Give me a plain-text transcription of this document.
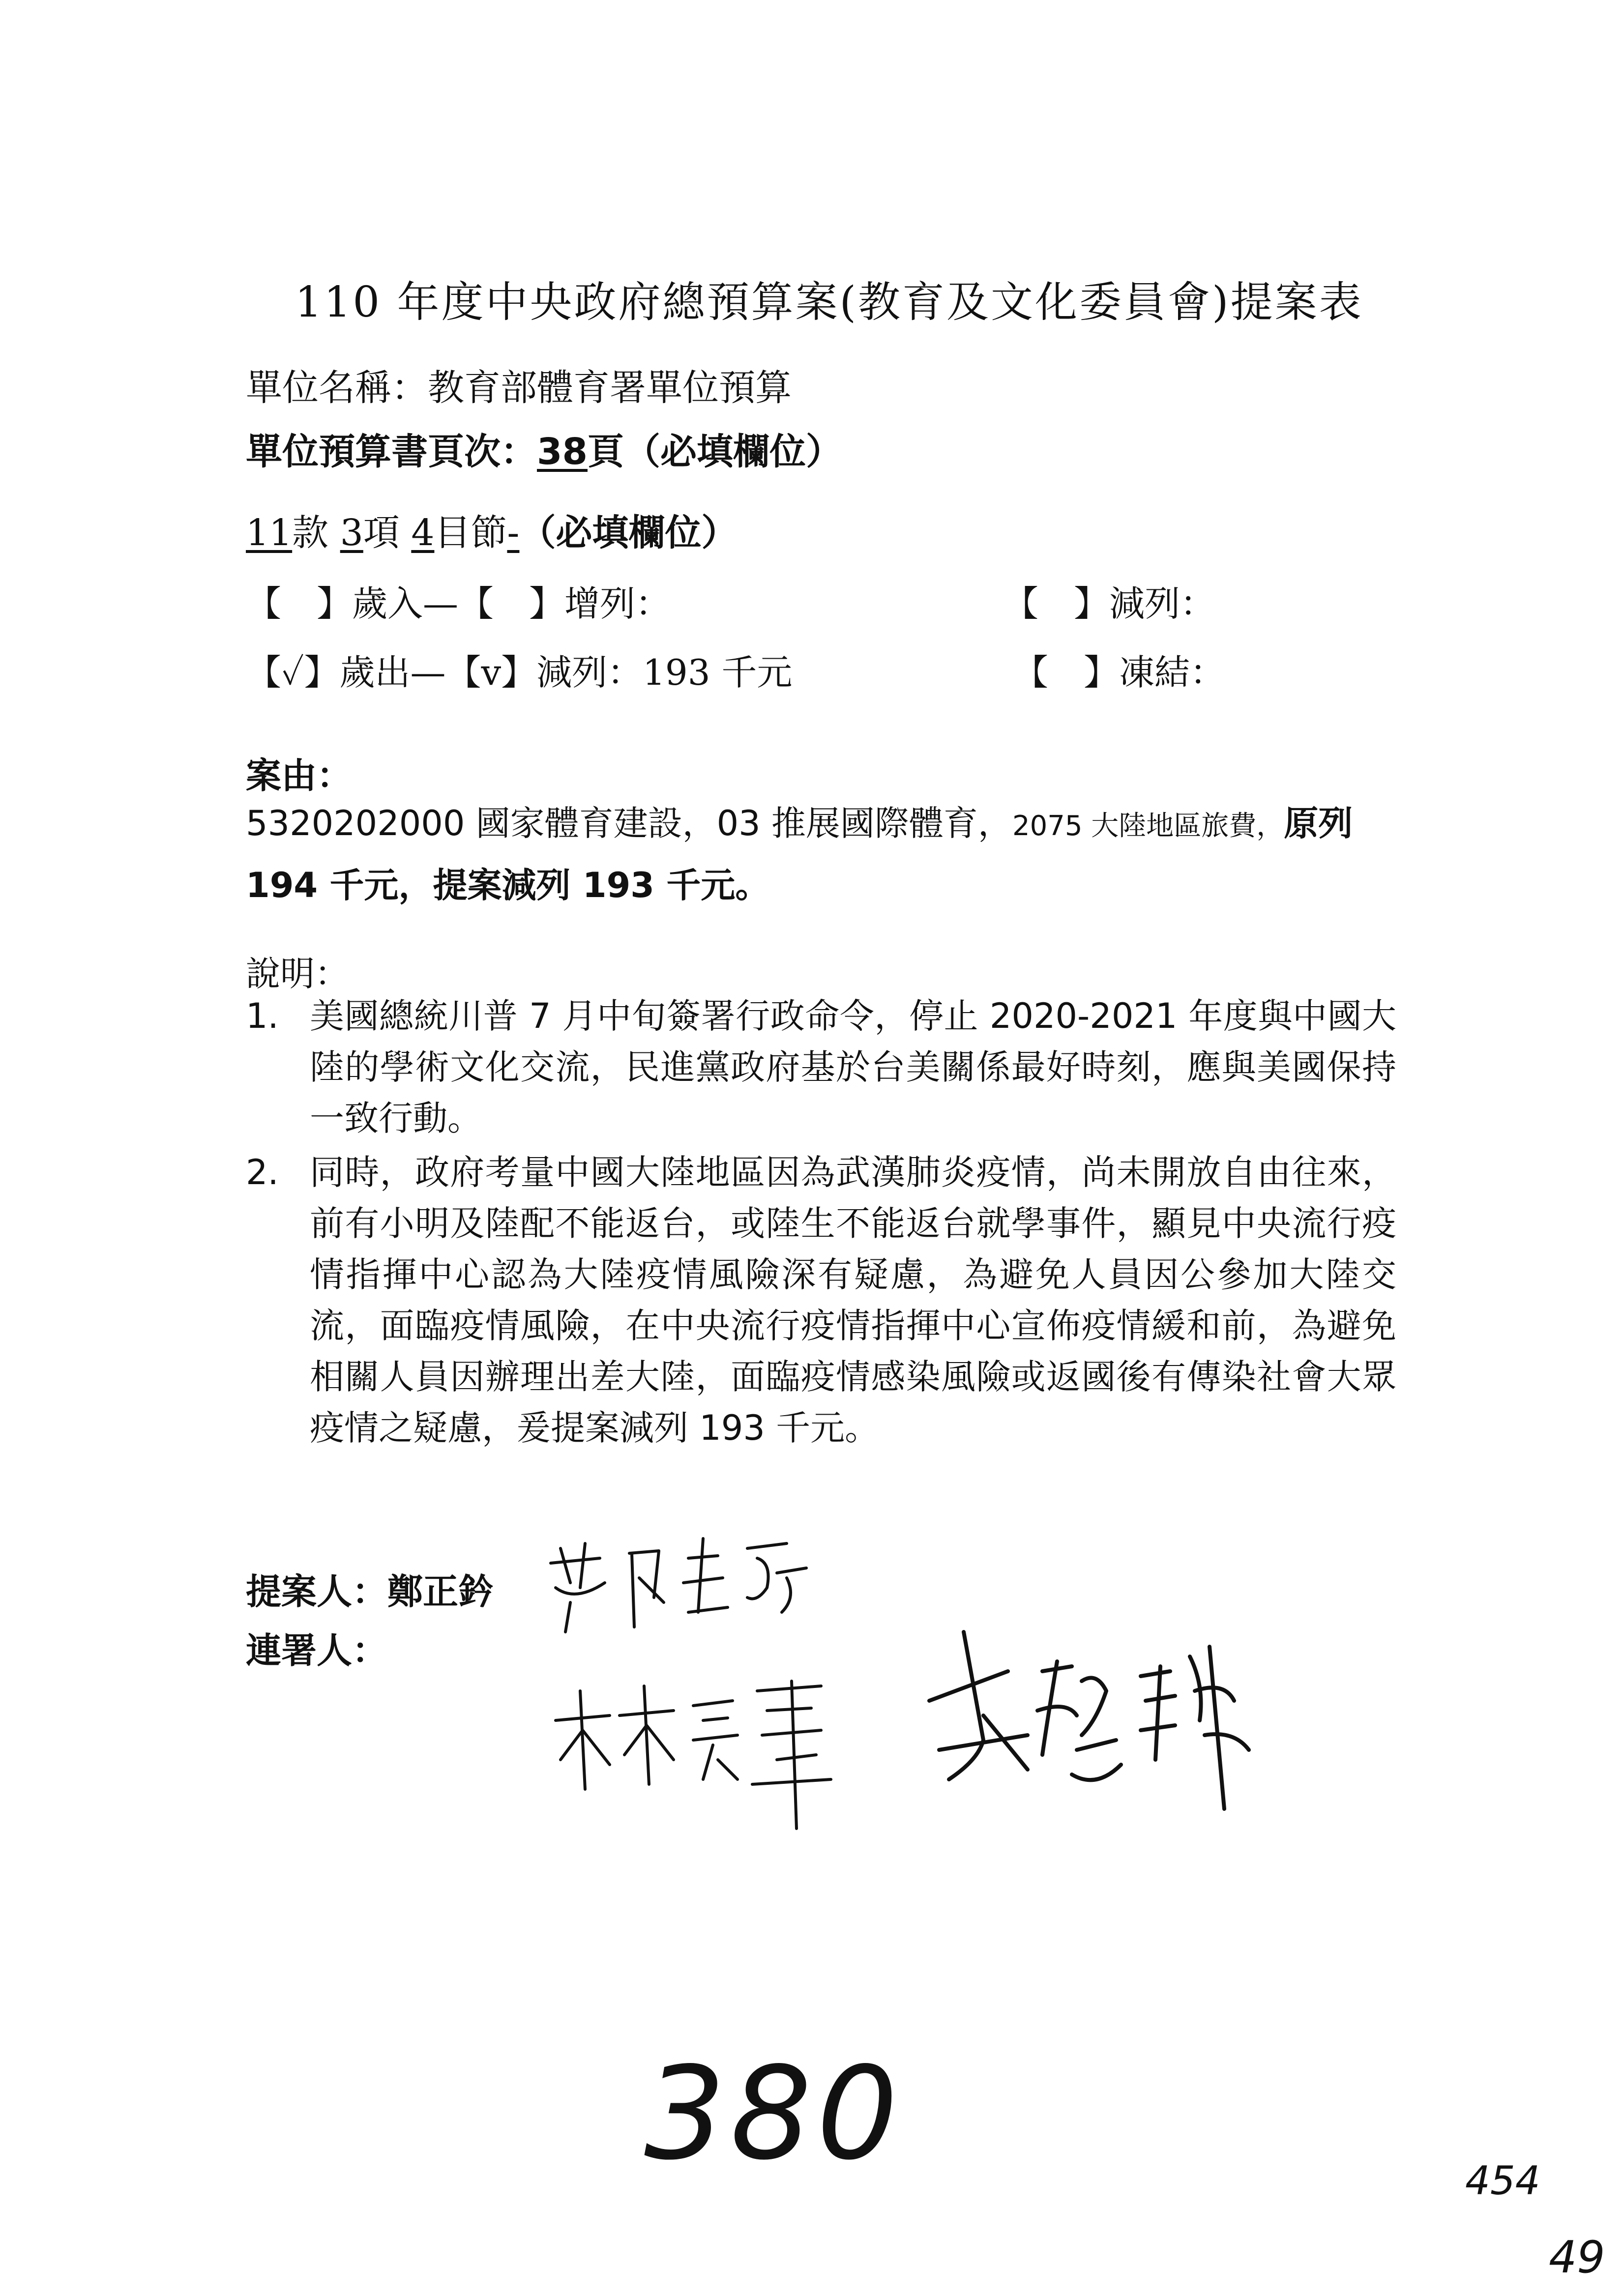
110 年度中央政府總預算案(教育及文化委員會)提案表
單位名稱：教育部體育署單位預算
單位預算書頁次：38頁（必填欄位）
11款 3項 4目節-（必填欄位）
【　】歲入—【　】增列：	【　】減列：
【✓】歲出—【v】減列：193 千元	【　】凍結：
案由：
5320202000 國家體育建設，03 推展國際體育，2075 大陸地區旅費，原列 194 千元，提案減列 193 千元。
說明：
1. 美國總統川普 7 月中旬簽署行政命令，停止 2020-2021 年度與中國大陸的學術文化交流，民進黨政府基於台美關係最好時刻，應與美國保持一致行動。
2. 同時，政府考量中國大陸地區因為武漢肺炎疫情，尚未開放自由往來，前有小明及陸配不能返台，或陸生不能返台就學事件，顯見中央流行疫情指揮中心認為大陸疫情風險深有疑慮，為避免人員因公參加大陸交流，面臨疫情風險，在中央流行疫情指揮中心宣佈疫情緩和前，為避免相關人員因辦理出差大陸，面臨疫情感染風險或返國後有傳染社會大眾疫情之疑慮，爰提案減列 193 千元。
提案人：鄭正鈐
連署人：
380	454
49
